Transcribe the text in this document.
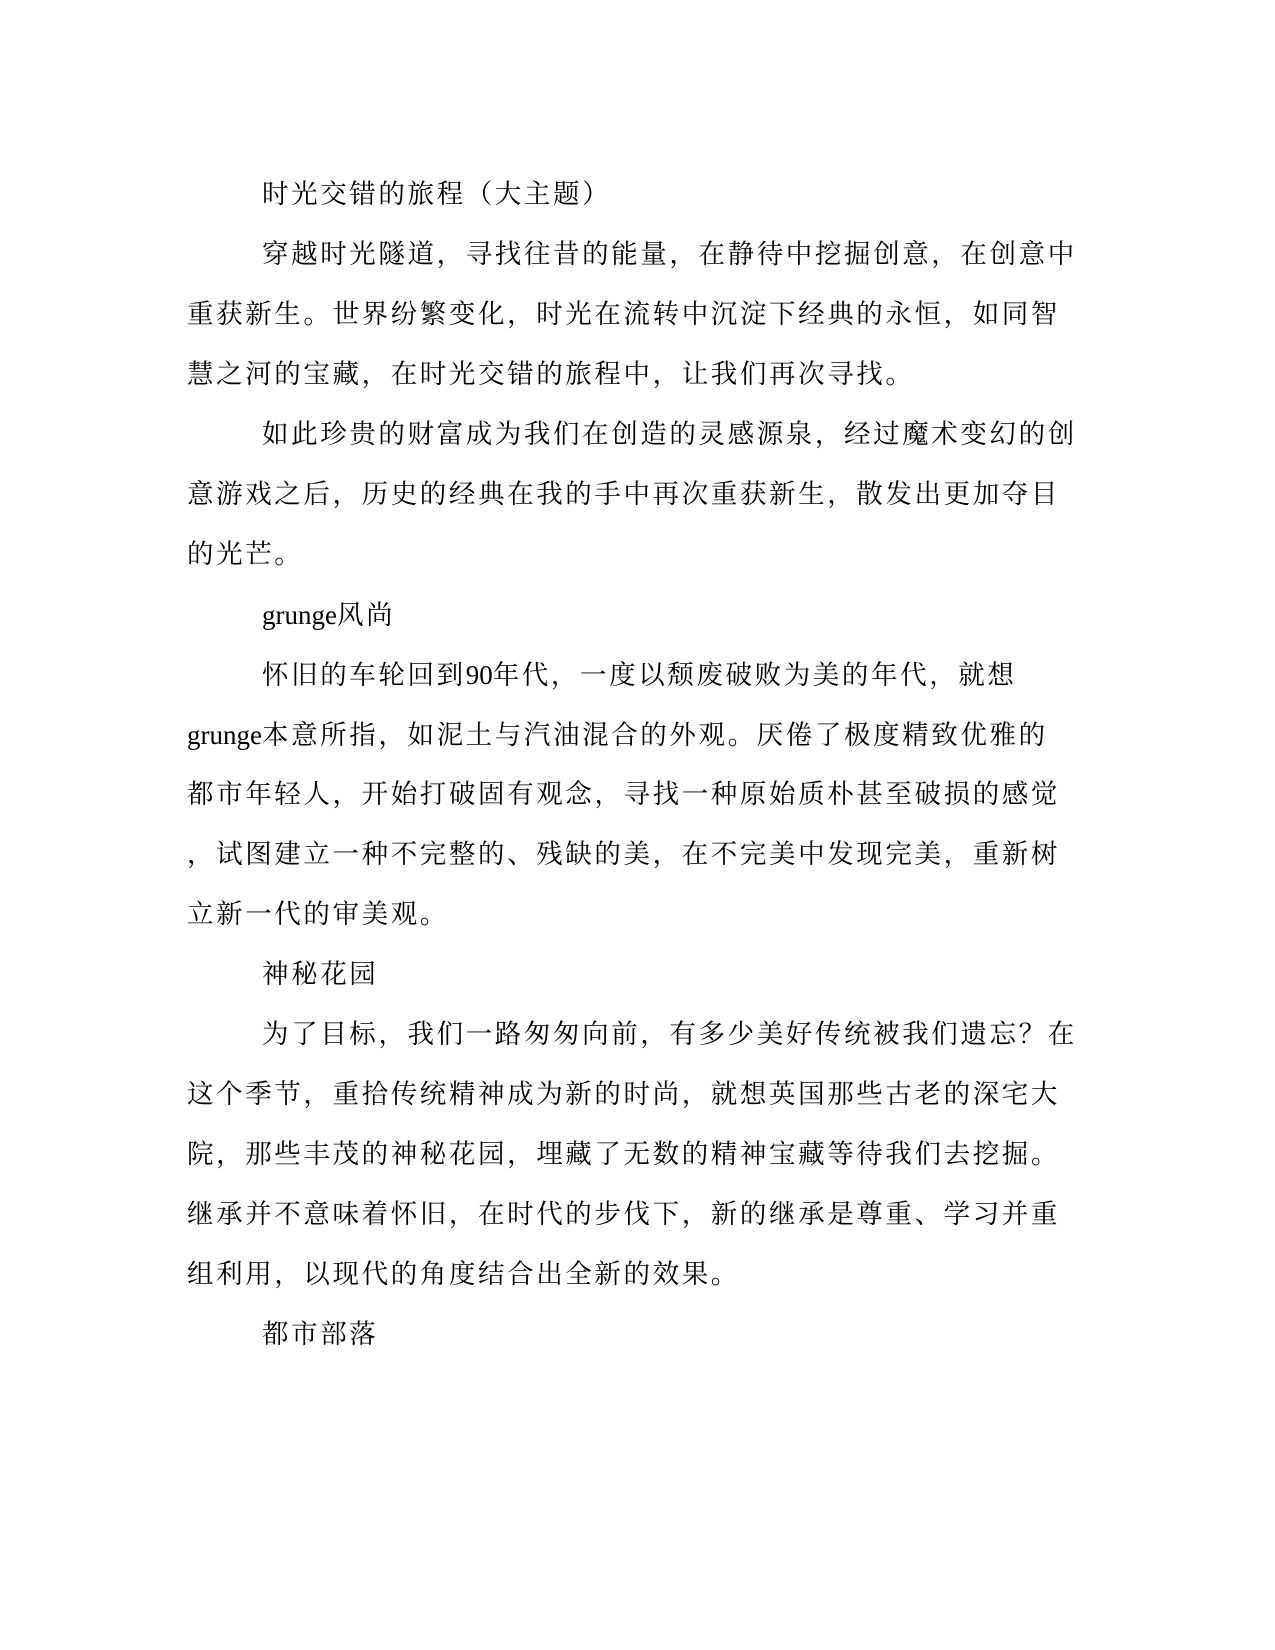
时光交错的旅程（大主题）
穿越时光隧道，寻找往昔的能量，在静待中挖掘创意，在创意中
重获新生。世界纷繁变化，时光在流转中沉淀下经典的永恒，如同智
慧之河的宝藏，在时光交错的旅程中，让我们再次寻找。
如此珍贵的财富成为我们在创造的灵感源泉，经过魔术变幻的创
意游戏之后，历史的经典在我的手中再次重获新生，散发出更加夺目
的光芒。
grunge风尚
怀旧的车轮回到90年代，一度以颓废破败为美的年代，就想
grunge本意所指，如泥土与汽油混合的外观。厌倦了极度精致优雅的
都市年轻人，开始打破固有观念，寻找一种原始质朴甚至破损的感觉
，试图建立一种不完整的、残缺的美，在不完美中发现完美，重新树
立新一代的审美观。
神秘花园
为了目标，我们一路匆匆向前，有多少美好传统被我们遗忘？在
这个季节，重拾传统精神成为新的时尚，就想英国那些古老的深宅大
院，那些丰茂的神秘花园，埋藏了无数的精神宝藏等待我们去挖掘。
继承并不意味着怀旧，在时代的步伐下，新的继承是尊重、学习并重
组利用，以现代的角度结合出全新的效果。
都市部落
